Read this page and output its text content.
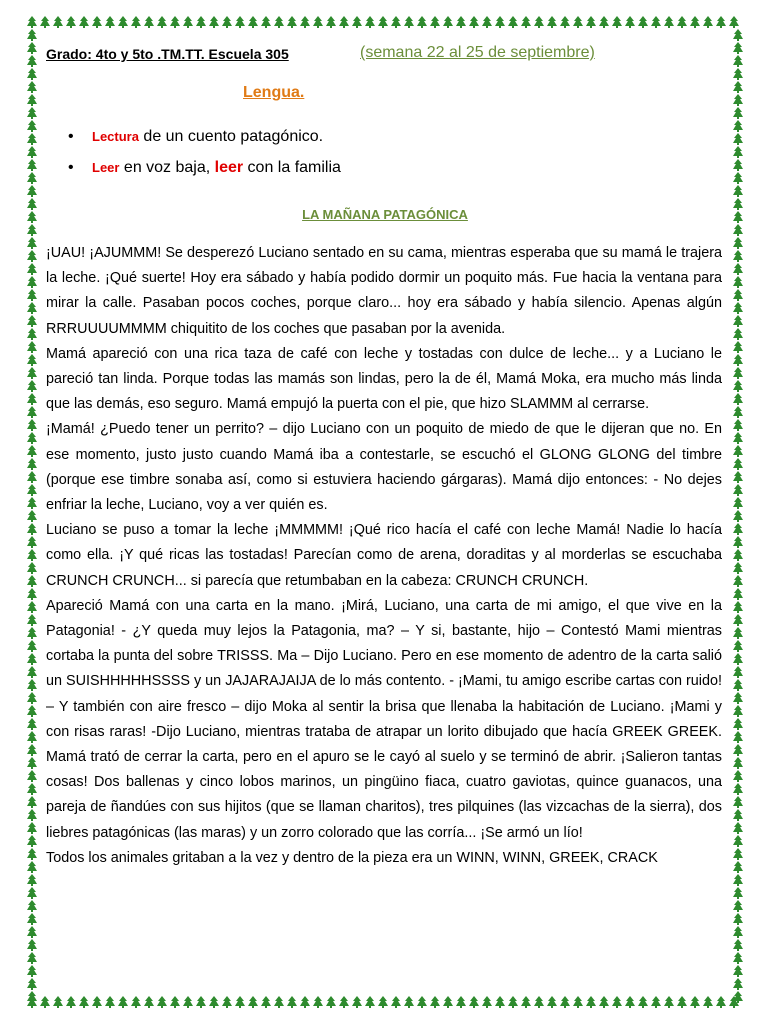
Grado: 4to y 5to .TM.TT. Escuela 305	(semana 22 al 25 de septiembre)
Lengua.
Lectura de un cuento patagónico.
Leer en voz baja, leer con la familia
LA MAÑANA PATAGÓNICA

¡UAU! ¡AJUMMM! Se desperezó Luciano sentado en su cama, mientras esperaba que su mamá le trajera la leche. ¡Qué suerte! Hoy era sábado y había podido dormir un poquito más. Fue hacia la ventana para mirar la calle. Pasaban pocos coches, porque claro... hoy era sábado y había silencio. Apenas algún RRRUUUUMMMM chiquitito de los coches que pasaban por la avenida.

Mamá apareció con una rica taza de café con leche y tostadas con dulce de leche... y a Luciano le pareció tan linda. Porque todas las mamás son lindas, pero la de él, Mamá Moka, era mucho más linda que las demás, eso seguro. Mamá empujó la puerta con el pie, que hizo SLAMMM al cerrarse.

¡Mamá! ¿Puedo tener un perrito? – dijo Luciano con un poquito de miedo de que le dijeran que no. En ese momento, justo justo cuando Mamá iba a contestarle, se escuchó el GLONG GLONG del timbre (porque ese timbre sonaba así, como si estuviera haciendo gárgaras). Mamá dijo entonces: - No dejes enfriar la leche, Luciano, voy a ver quién es.

Luciano se puso a tomar la leche ¡MMMMM! ¡Qué rico hacía el café con leche Mamá! Nadie lo hacía como ella. ¡Y qué ricas las tostadas! Parecían como de arena, doraditas y al morderlas se escuchaba CRUNCH CRUNCH... si parecía que retumbaban en la cabeza: CRUNCH CRUNCH.

Apareció Mamá con una carta en la mano. ¡Mirá, Luciano, una carta de mi amigo, el que vive en la Patagonia! - ¿Y queda muy lejos la Patagonia, ma? – Y si, bastante, hijo – Contestó Mami mientras cortaba la punta del sobre TRISSS. Ma – Dijo Luciano. Pero en ese momento de adentro de la carta salió un SUISHHHHHSSSS y un JAJARAJAIJA de lo más contento. - ¡Mami, tu amigo escribe cartas con ruido! – Y también con aire fresco – dijo Moka al sentir la brisa que llenaba la habitación de Luciano. ¡Mami y con risas raras! -Dijo Luciano, mientras trataba de atrapar un lorito dibujado que hacía GREEK GREEK. Mamá trató de cerrar la carta, pero en el apuro se le cayó al suelo y se terminó de abrir. ¡Salieron tantas cosas! Dos ballenas y cinco lobos marinos, un pingüino fiaca, cuatro gaviotas, quince guanacos, una pareja de ñandúes con sus hijitos (que se llaman charitos), tres pilquines (las vizcachas de la sierra), dos liebres patagónicas (las maras) y un zorro colorado que las corría... ¡Se armó un lío!

Todos los animales gritaban a la vez y dentro de la pieza era un WINN, WINN, GREEK, CRACK
